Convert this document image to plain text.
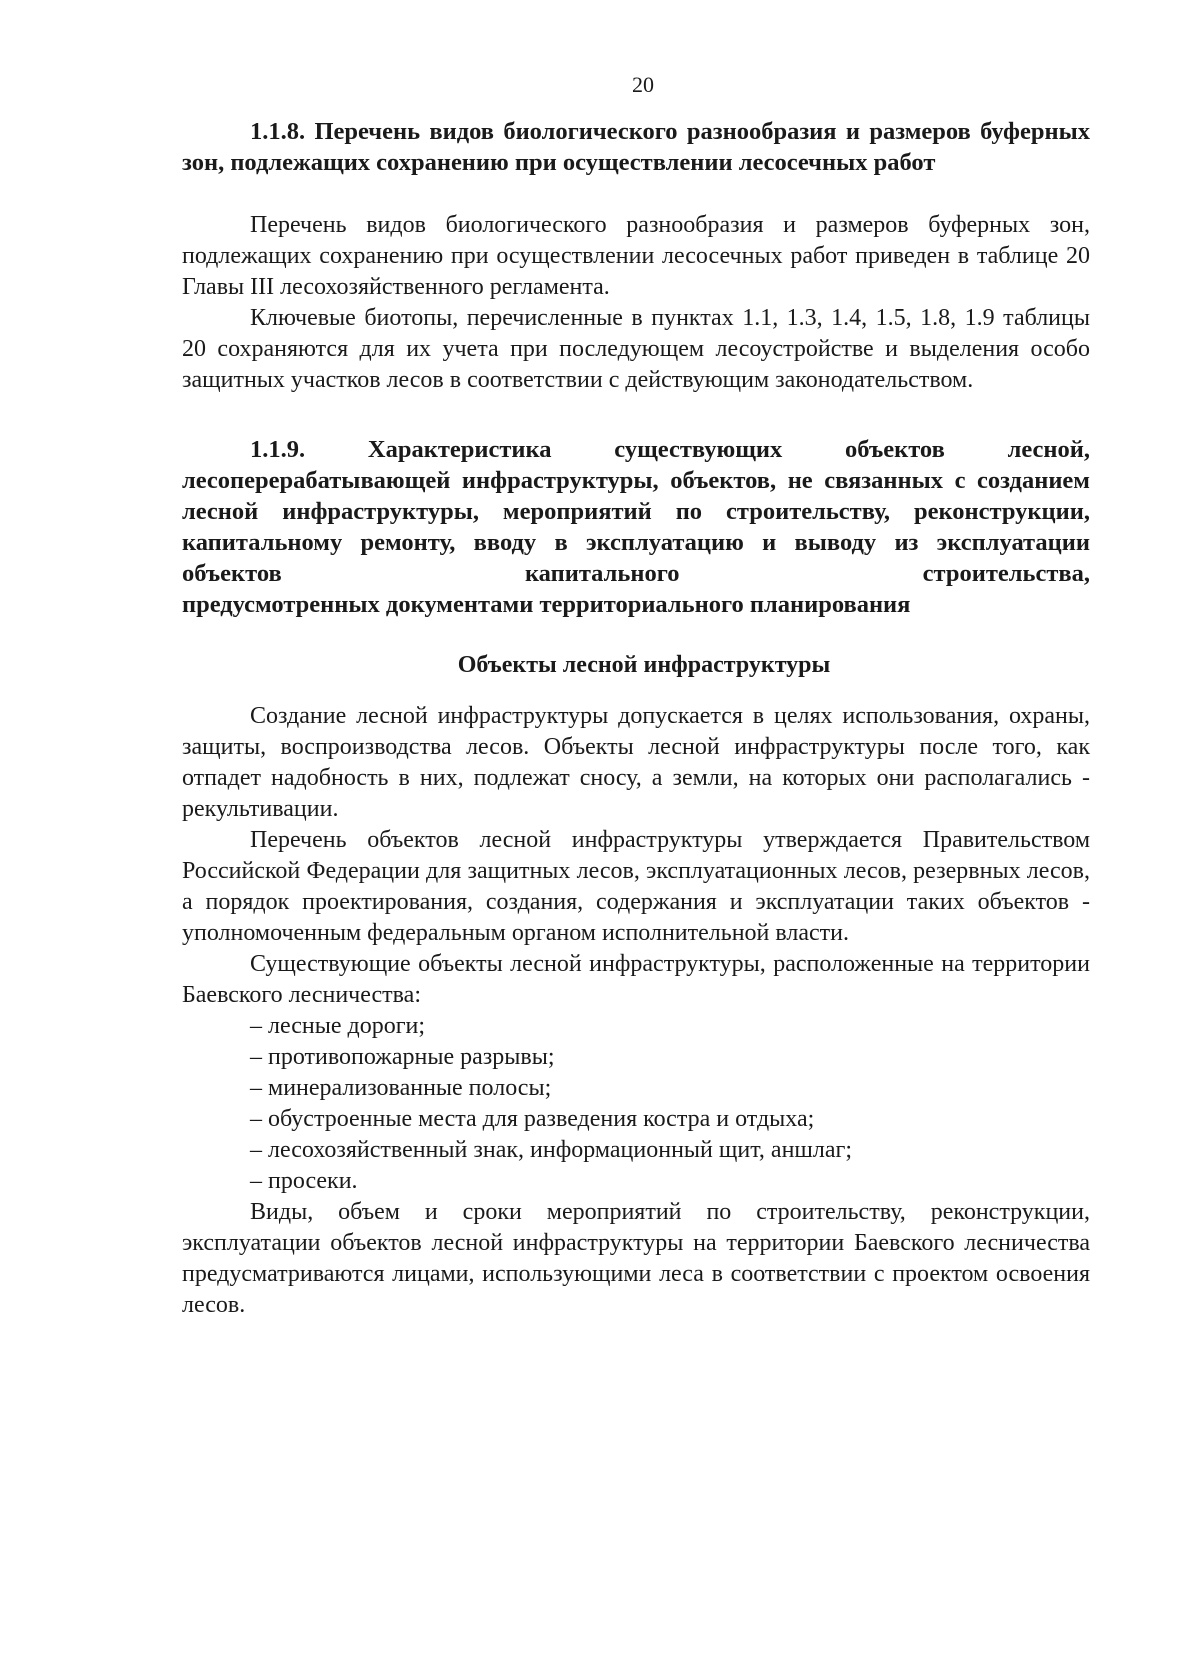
20

1.1.8. Перечень видов биологического разнообразия и размеров буферных зон, подлежащих сохранению при осуществлении лесосечных работ

Перечень видов биологического разнообразия и размеров буферных зон, подлежащих сохранению при осуществлении лесосечных работ приведен в таблице 20 Главы III лесохозяйственного регламента.

Ключевые биотопы, перечисленные в пунктах 1.1, 1.3, 1.4, 1.5, 1.8, 1.9 таблицы 20 сохраняются для их учета при последующем лесоустройстве и выделения особо защитных участков лесов в соответствии с действующим законодательством.

1.1.9. Характеристика существующих объектов лесной, лесоперерабатывающей инфраструктуры, объектов, не связанных с созданием лесной инфраструктуры, мероприятий по строительству, реконструкции, капитальному ремонту, вводу в эксплуатацию и выводу из эксплуатации объектов капитального строительства,
предусмотренных документами территориального планирования

Объекты лесной инфраструктуры

Создание лесной инфраструктуры допускается в целях использования, охраны, защиты, воспроизводства лесов. Объекты лесной инфраструктуры после того, как отпадет надобность в них, подлежат сносу, а земли, на которых они располагались - рекультивации.

Перечень объектов лесной инфраструктуры утверждается Правительством Российской Федерации для защитных лесов, эксплуатационных лесов, резервных лесов, а порядок проектирования, создания, содержания и эксплуатации таких объектов - уполномоченным федеральным органом исполнительной власти.

Существующие объекты лесной инфраструктуры, расположенные на территории Баевского лесничества:

– лесные дороги;
– противопожарные разрывы;
– минерализованные полосы;
– обустроенные места для разведения костра и отдыха;
– лесохозяйственный знак, информационный щит, аншлаг;
– просеки.

Виды, объем и сроки мероприятий по строительству, реконструкции, эксплуатации объектов лесной инфраструктуры на территории Баевского лесничества предусматриваются лицами, использующими леса в соответствии с проектом освоения лесов.
